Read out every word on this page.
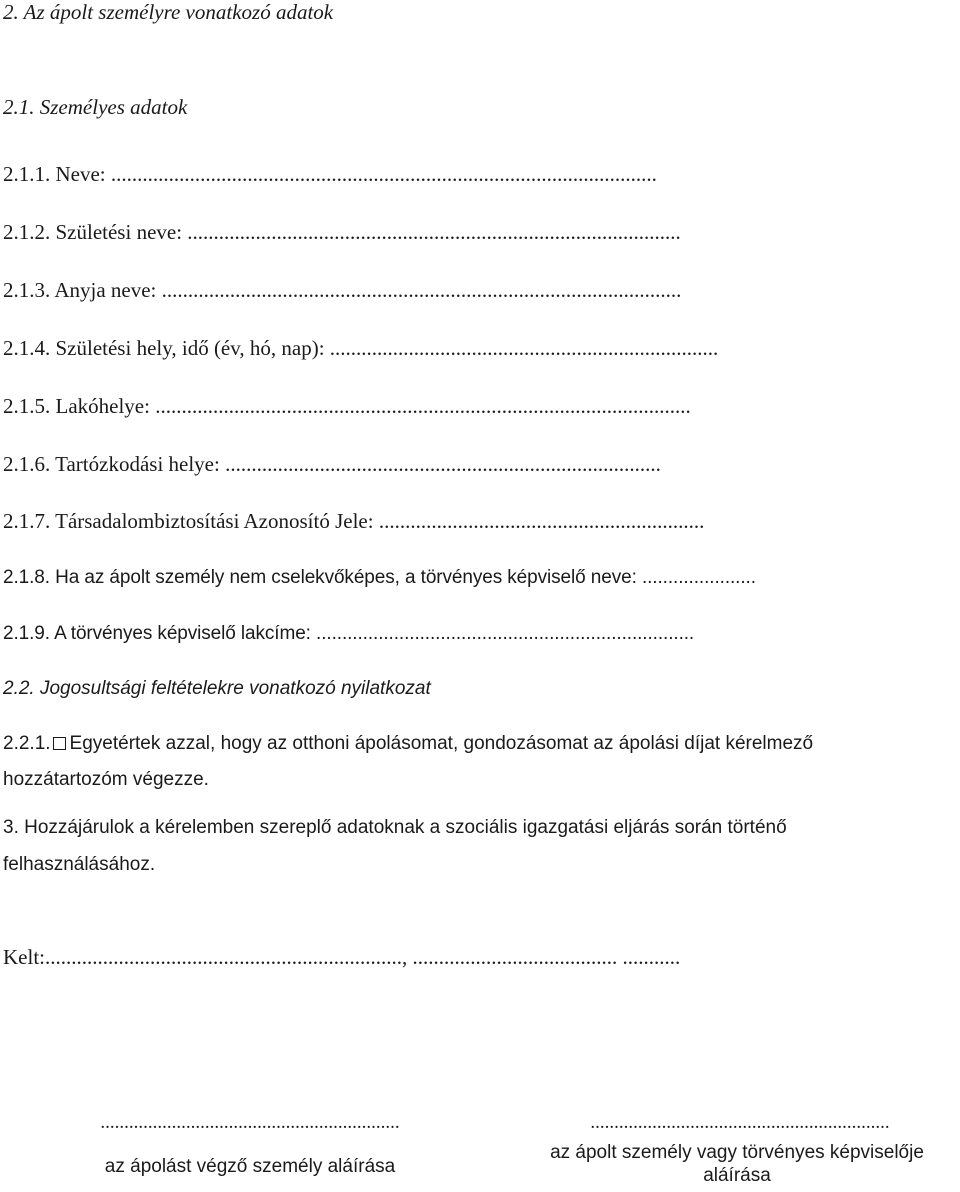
2. Az ápolt személyre vonatkozó adatok
2.1. Személyes adatok
2.1.1. Neve: ........................................................................................................
2.1.2. Születési neve: ..............................................................................................
2.1.3. Anyja neve: ...................................................................................................
2.1.4. Születési hely, idő (év, hó, nap): ..........................................................................
2.1.5. Lakóhelye: ......................................................................................................
2.1.6. Tartózkodási helye: ...................................................................................
2.1.7. Társadalombiztosítási Azonosító Jele: ..............................................................
2.1.8. Ha az ápolt személy nem cselekvőképes, a törvényes képviselő neve: ......................
2.1.9. A törvényes képviselő lakcíme: .........................................................................
2.2. Jogosultsági feltételekre vonatkozó nyilatkozat
2.2.1. Egyetértek azzal, hogy az otthoni ápolásomat, gondozásomat az ápolási díjat kérelmező
hozzátartozóm végezze.
3. Hozzájárulok a kérelemben szereplő adatoknak a szociális igazgatási eljárás során történő
felhasználásához.
Kelt:...................................................................., ....................................... ...........
...............................................................
az ápolást végző személy aláírása
...............................................................
az ápolt személy vagy törvényes képviselője
aláírása
